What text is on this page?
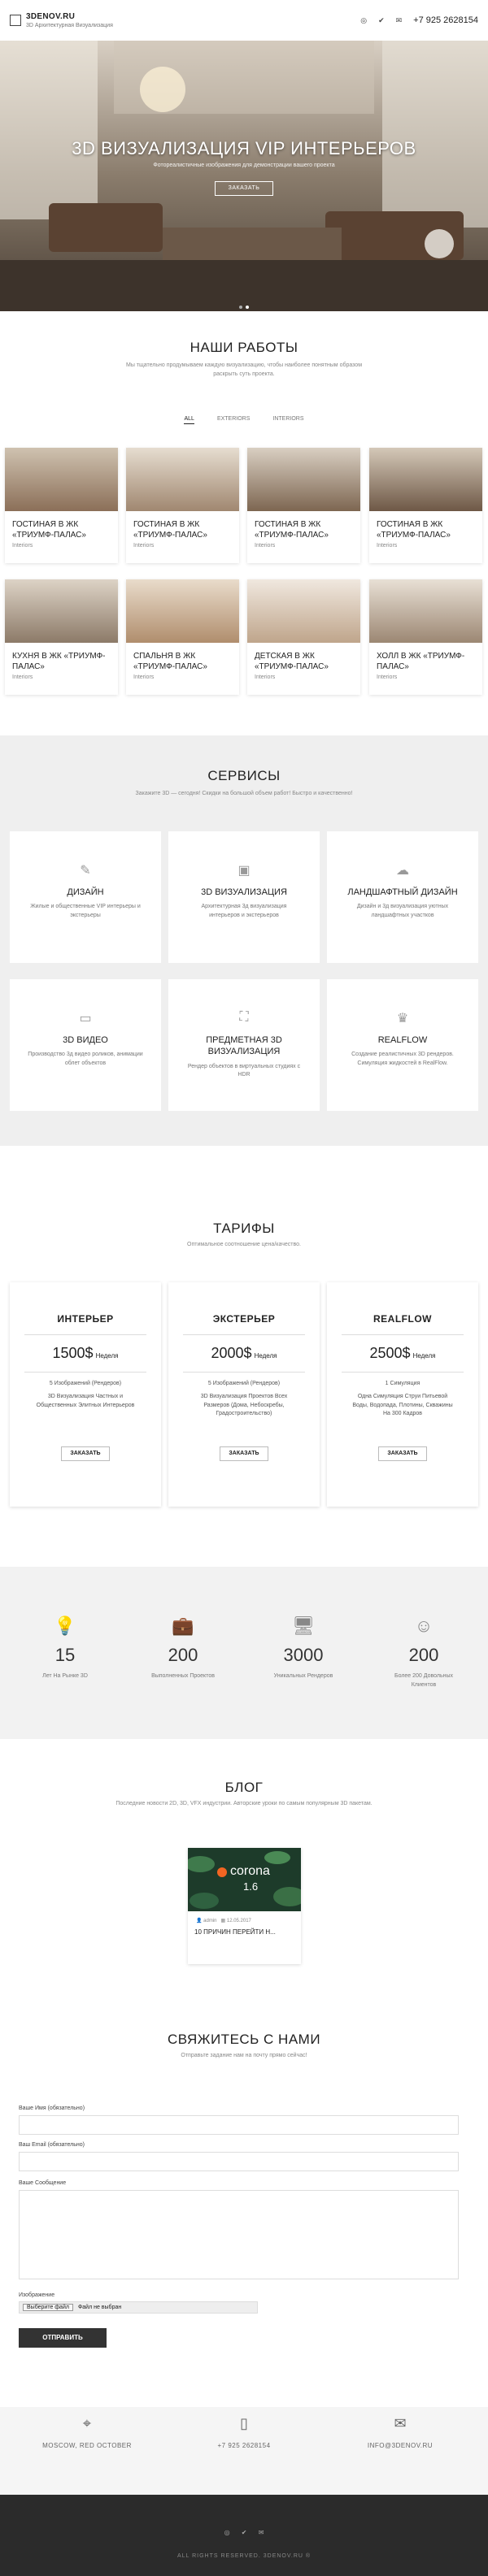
3DENOV.RU
3D Архитектурная Визуализация
◎ ✔ ✉ +7 925 2628154
3D ВИЗУАЛИЗАЦИЯ VIP ИНТЕРЬЕРОВ
Фотореалистичные изображения для демонстрации вашего проекта
ЗАКАЗАТЬ
НАШИ РАБОТЫ
Мы тщательно продумываем каждую визуализацию, чтобы наиболее понятным образом раскрыть суть проекта.
ALL	EXTERIORS	INTERIORS
ГОСТИНАЯ В ЖК «ТРИУМФ-ПАЛАС»
Interiors
ГОСТИНАЯ В ЖК «ТРИУМФ-ПАЛАС»
Interiors
ГОСТИНАЯ В ЖК «ТРИУМФ-ПАЛАС»
Interiors
ГОСТИНАЯ В ЖК «ТРИУМФ-ПАЛАС»
Interiors
КУХНЯ В ЖК «ТРИУМФ-ПАЛАС»
Interiors
СПАЛЬНЯ В ЖК «ТРИУМФ-ПАЛАС»
Interiors
ДЕТСКАЯ В ЖК «ТРИУМФ-ПАЛАС»
Interiors
ХОЛЛ В ЖК «ТРИУМФ-ПАЛАС»
Interiors
СЕРВИСЫ
Закажите 3D — сегодня! Скидки на большой объем работ! Быстро и качественно!
✎
ДИЗАЙН
Жилые и общественные VIP интерьеры и экстерьеры
▣
3D ВИЗУАЛИЗАЦИЯ
Архитектурная 3д визуализация интерьеров и экстерьеров
☁
ЛАНДШАФТНЫЙ ДИЗАЙН
Дизайн и 3д визуализация уютных ландшафтных участков
▭
3D ВИДЕО
Производство 3д видео роликов, анимации облет объектов
⛶
ПРЕДМЕТНАЯ 3D ВИЗУАЛИЗАЦИЯ
Рендер объектов в виртуальных студиях с HDR
♛
REALFLOW
Создание реалистичных 3D рендеров. Симуляция жидкостей в RealFlow.
ТАРИФЫ
Оптимальное соотношение цена/качество.
ИНТЕРЬЕР
1500$ Неделя
5 Изображений (Рендеров)
3D Визуализация Частных и Общественных Элитных Интерьеров
ЗАКАЗАТЬ
ЭКСТЕРЬЕР
2000$ Неделя
5 Изображений (Рендеров)
3D Визуализация Проектов Всех Размеров (Дома, Небоскребы, Градостроительство)
ЗАКАЗАТЬ
REALFLOW
2500$ Неделя
1 Симуляция
Одна Симуляция Струи Питьевой Воды, Водопада, Плотины, Скважины На 300 Кадров
ЗАКАЗАТЬ
💡
15
Лет На Рынке 3D
💼
200
Выполненных Проектов
🖥
3000
Уникальных Рендеров
☺
200
Более 200 Довольных Клиентов
БЛОГ
Последние новости 2D, 3D, VFX индустрии. Авторские уроки по самым популярным 3D пакетам.
corona
1.6
👤 admin ▦ 12.05.2017
10 ПРИЧИН ПЕРЕЙТИ Н...
СВЯЖИТЕСЬ С НАМИ
Отправьте задание нам на почту прямо сейчас!
Ваше Имя (обязательно)
Ваш Email (обязательно)
Ваше Сообщение
Изображение
Выберите файл Файл не выбран
ОТПРАВИТЬ
⌖
MOSCOW, RED OCTOBER
▯
+7 925 2628154
✉
INFO@3DENOV.RU
◎ ✔ ✉
ALL RIGHTS RESERVED. 3DENOV.RU ®
